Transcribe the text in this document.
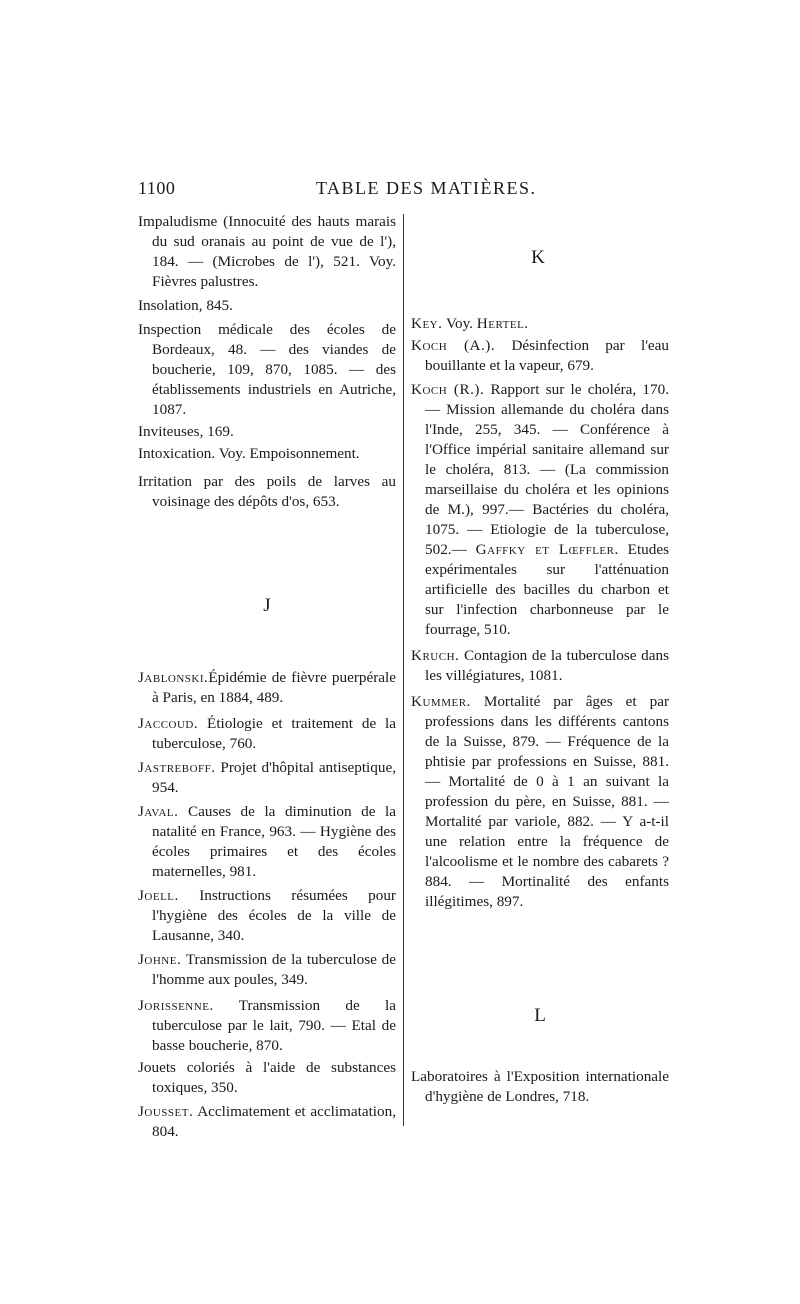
1100	TABLE DES MATIÈRES.

Impaludisme (Innocuité des hauts marais du sud oranais au point de vue de l'), 184. — (Microbes de l'), 521. Voy. Fièvres palustres.

Insolation, 845.

Inspection médicale des écoles de Bordeaux, 48. — des viandes de boucherie, 109, 870, 1085. — des établissements industriels en Autriche, 1087.

Inviteuses, 169.

Intoxication. Voy. Empoisonnement.

Irritation par des poils de larves au voisinage des dépôts d'os, 653.

J

Jablonski.Épidémie de fièvre puerpérale à Paris, en 1884, 489.

Jaccoud. Étiologie et traitement de la tuberculose, 760.

Jastreboff. Projet d'hôpital antiseptique, 954.

Javal. Causes de la diminution de la natalité en France, 963. — Hygiène des écoles primaires et des écoles maternelles, 981.

Joell. Instructions résumées pour l'hygiène des écoles de la ville de Lausanne, 340.

Johne. Transmission de la tuberculose de l'homme aux poules, 349.

Jorissenne. Transmission de la tuberculose par le lait, 790. — Etal de basse boucherie, 870.

Jouets coloriés à l'aide de substances toxiques, 350.

Jousset. Acclimatement et acclimatation, 804.

K

Key. Voy. Hertel.

Koch (A.). Désinfection par l'eau bouillante et la vapeur, 679.

Koch (R.). Rapport sur le choléra, 170. — Mission allemande du choléra dans l'Inde, 255, 345. — Conférence à l'Office impérial sanitaire allemand sur le choléra, 813. — (La commission marseillaise du choléra et les opinions de M.), 997.— Bactéries du choléra, 1075. — Etiologie de la tuberculose, 502.— Gaffky et Lœffler. Etudes expérimentales sur l'atténuation artificielle des bacilles du charbon et sur l'infection charbonneuse par le fourrage, 510.

Kruch. Contagion de la tuberculose dans les villégiatures, 1081.

Kummer. Mortalité par âges et par professions dans les différents cantons de la Suisse, 879. — Fréquence de la phtisie par professions en Suisse, 881. — Mortalité de 0 à 1 an suivant la profession du père, en Suisse, 881. — Mortalité par variole, 882. — Y a-t-il une relation entre la fréquence de l'alcoolisme et le nombre des cabarets ? 884. — Mortinalité des enfants illégitimes, 897.

L

Laboratoires à l'Exposition internationale d'hygiène de Londres, 718.
